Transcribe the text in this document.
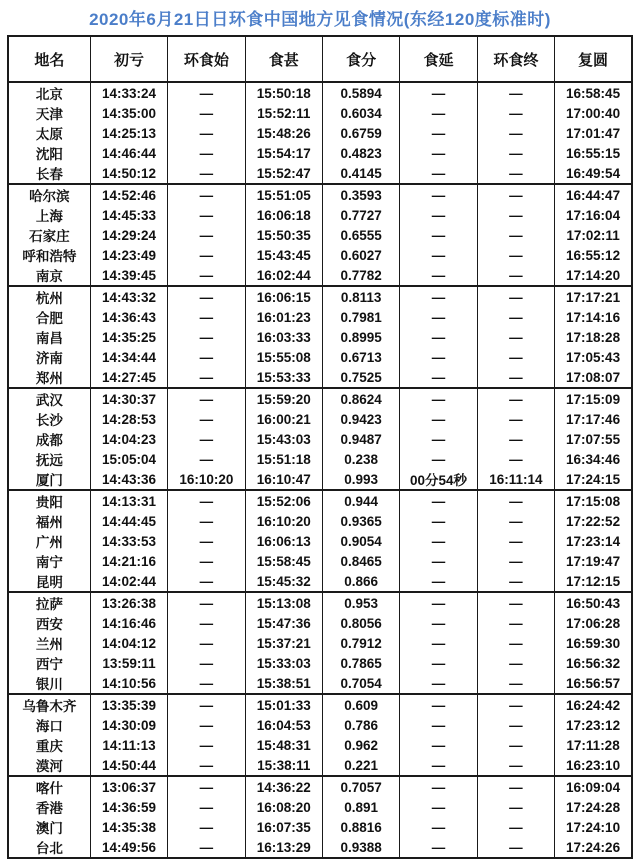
2020年6月21日日环食中国地方见食情况(东经120度标准时)
地名	初亏	环食始	食甚	食分	食延	环食终	复圆
北京	14:33:24	—	15:50:18	0.5894	—	—	16:58:45
天津	14:35:00	—	15:52:11	0.6034	—	—	17:00:40
太原	14:25:13	—	15:48:26	0.6759	—	—	17:01:47
沈阳	14:46:44	—	15:54:17	0.4823	—	—	16:55:15
长春	14:50:12	—	15:52:47	0.4145	—	—	16:49:54
哈尔滨	14:52:46	—	15:51:05	0.3593	—	—	16:44:47
上海	14:45:33	—	16:06:18	0.7727	—	—	17:16:04
石家庄	14:29:24	—	15:50:35	0.6555	—	—	17:02:11
呼和浩特	14:23:49	—	15:43:45	0.6027	—	—	16:55:12
南京	14:39:45	—	16:02:44	0.7782	—	—	17:14:20
杭州	14:43:32	—	16:06:15	0.8113	—	—	17:17:21
合肥	14:36:43	—	16:01:23	0.7981	—	—	17:14:16
南昌	14:35:25	—	16:03:33	0.8995	—	—	17:18:28
济南	14:34:44	—	15:55:08	0.6713	—	—	17:05:43
郑州	14:27:45	—	15:53:33	0.7525	—	—	17:08:07
武汉	14:30:37	—	15:59:20	0.8624	—	—	17:15:09
长沙	14:28:53	—	16:00:21	0.9423	—	—	17:17:46
成都	14:04:23	—	15:43:03	0.9487	—	—	17:07:55
抚远	15:05:04	—	15:51:18	0.238	—	—	16:34:46
厦门	14:43:36	16:10:20	16:10:47	0.993	00分54秒	16:11:14	17:24:15
贵阳	14:13:31	—	15:52:06	0.944	—	—	17:15:08
福州	14:44:45	—	16:10:20	0.9365	—	—	17:22:52
广州	14:33:53	—	16:06:13	0.9054	—	—	17:23:14
南宁	14:21:16	—	15:58:45	0.8465	—	—	17:19:47
昆明	14:02:44	—	15:45:32	0.866	—	—	17:12:15
拉萨	13:26:38	—	15:13:08	0.953	—	—	16:50:43
西安	14:16:46	—	15:47:36	0.8056	—	—	17:06:28
兰州	14:04:12	—	15:37:21	0.7912	—	—	16:59:30
西宁	13:59:11	—	15:33:03	0.7865	—	—	16:56:32
银川	14:10:56	—	15:38:51	0.7054	—	—	16:56:57
乌鲁木齐	13:35:39	—	15:01:33	0.609	—	—	16:24:42
海口	14:30:09	—	16:04:53	0.786	—	—	17:23:12
重庆	14:11:13	—	15:48:31	0.962	—	—	17:11:28
漠河	14:50:44	—	15:38:11	0.221	—	—	16:23:10
喀什	13:06:37	—	14:36:22	0.7057	—	—	16:09:04
香港	14:36:59	—	16:08:20	0.891	—	—	17:24:28
澳门	14:35:38	—	16:07:35	0.8816	—	—	17:24:10
台北	14:49:56	—	16:13:29	0.9388	—	—	17:24:26
